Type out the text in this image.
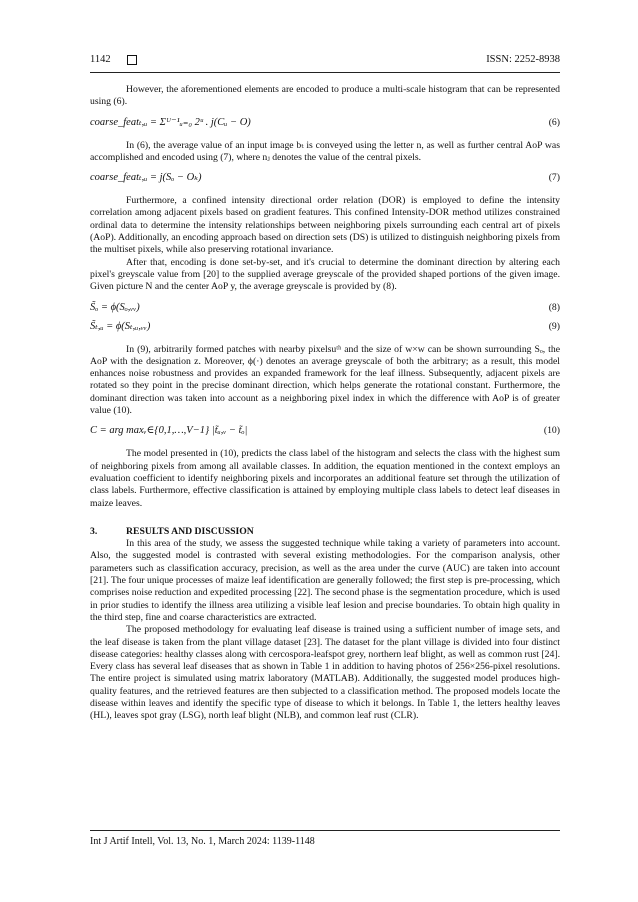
1142	ISSN: 2252-8938

However, the aforementioned elements are encoded to produce a multi-scale histogram that can be represented using (6).

coarse_featₜ,ᵤ = Σᵁ⁻¹ᵤ₌₀ 2ᵘ . j(Cᵤ − O)	(6)

In (6), the average value of an input image bₜ is conveyed using the letter n, as well as further central AoP was accomplished and encoded using (7), where nⱼ denotes the value of the central pixels.

coarse_featₜ,ᵤ = j(Sₒ − Oₖ)	(7)

Furthermore, a confined intensity directional order relation (DOR) is employed to define the intensity correlation among adjacent pixels based on gradient features. This confined Intensity-DOR method utilizes constrained ordinal data to determine the intensity relationships between neighboring pixels surrounding each central art of pixels (AoP). Additionally, an encoding approach based on direction sets (DS) is utilized to distinguish neighboring pixels from the multiset pixels, while also preserving rotational invariance.

After that, encoding is done set-by-set, and it's crucial to determine the dominant direction by altering each pixel's greyscale value from [20] to the supplied average greyscale of the provided shaped portions of the given image. Given picture N and the center AoP y, the average greyscale is provided by (8).

S̃ₒ = ϕ(Sₒ,ᵥᵥ)	(8)
S̃ₜ,ᵤ = ϕ(Sₜ,ᵤ,ᵥᵥ)	(9)

In (9), arbitrarily formed patches with nearby pixelsuᵗʰ and the size of w×w can be shown surrounding Sₒ, the AoP with the designation z. Moreover, ϕ(·) denotes an average greyscale of both the arbitrary; as a result, this model enhances noise robustness and provides an expanded framework for the leaf illness. Subsequently, adjacent pixels are rotated so they point in the precise dominant direction, which helps generate the rotational constant. Furthermore, the dominant direction was taken into account as a neighboring pixel index in which the difference with AoP is of greater value (10).

C = arg maxᵥ∈{0,1,…,V−1} |t̃ᵤ,ᵥ − t̃ₒ|	(10)

The model presented in (10), predicts the class label of the histogram and selects the class with the highest sum of neighboring pixels from among all available classes. In addition, the equation mentioned in the context employs an evaluation coefficient to identify neighboring pixels and incorporates an additional feature set through the utilization of class labels. Furthermore, effective classification is attained by employing multiple class labels to detect leaf diseases in maize leaves.

3.	RESULTS AND DISCUSSION

In this area of the study, we assess the suggested technique while taking a variety of parameters into account. Also, the suggested model is contrasted with several existing methodologies. For the comparison analysis, other parameters such as classification accuracy, precision, as well as the area under the curve (AUC) are taken into account [21]. The four unique processes of maize leaf identification are generally followed; the first step is pre-processing, which comprises noise reduction and expedited processing [22]. The second phase is the segmentation procedure, which is used in prior studies to identify the illness area utilizing a visible leaf lesion and precise boundaries. To obtain high quality in the third step, fine and coarse characteristics are extracted.

The proposed methodology for evaluating leaf disease is trained using a sufficient number of image sets, and the leaf disease is taken from the plant village dataset [23]. The dataset for the plant village is divided into four distinct disease categories: healthy classes along with cercospora-leafspot grey, northern leaf blight, as well as common rust [24]. Every class has several leaf diseases that as shown in Table 1 in addition to having photos of 256×256-pixel resolutions. The entire project is simulated using matrix laboratory (MATLAB). Additionally, the suggested model produces high-quality features, and the retrieved features are then subjected to a classification method. The proposed models locate the disease within leaves and identify the specific type of disease to which it belongs. In Table 1, the letters healthy leaves (HL), leaves spot gray (LSG), north leaf blight (NLB), and common leaf rust (CLR).

Int J Artif Intell, Vol. 13, No. 1, March 2024: 1139-1148
